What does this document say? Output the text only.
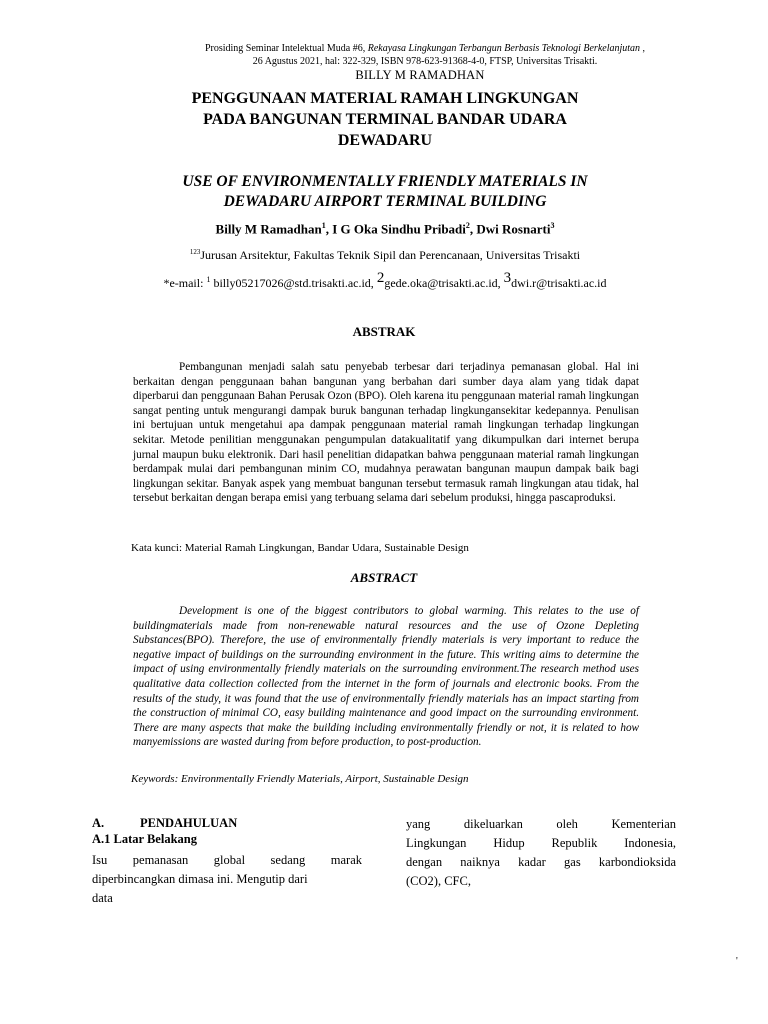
Prosiding Seminar Intelektual Muda #6, Rekayasa Lingkungan Terbangun Berbasis Teknologi Berkelanjutan ,
26 Agustus 2021, hal: 322-329, ISBN 978-623-91368-4-0, FTSP, Universitas Trisakti.
BILLY M RAMADHAN
PENGGUNAAN MATERIAL RAMAH LINGKUNGAN
PADA BANGUNAN TERMINAL BANDAR UDARA
DEWADARU
USE OF ENVIRONMENTALLY FRIENDLY MATERIALS IN
DEWADARU AIRPORT TERMINAL BUILDING
Billy M Ramadhan$^1$, I G Oka Sindhu Pribadi$^2$, Dwi Rosnarti$^3$
$^{123}$Jurusan Arsitektur, Fakultas Teknik Sipil dan Perencanaan, Universitas Trisakti
*e-mail: $^1$ billy05217026@std.trisakti.ac.id, $^2$gede.oka@trisakti.ac.id, $^3$dwi.r@trisakti.ac.id
ABSTRAK

Pembangunan menjadi salah satu penyebab terbesar dari terjadinya pemanasan global. Hal ini berkaitan dengan penggunaan bahan bangunan yang berbahan dari sumber daya alam yang tidak dapat diperbarui dan penggunaan Bahan Perusak Ozon (BPO). Oleh karena itu penggunaan material ramah lingkungan sangat penting untuk mengurangi dampak buruk bangunan terhadap lingkungansekitar kedepannya. Penulisan ini bertujuan untuk mengetahui apa dampak penggunaan material ramah lingkungan terhadap lingkungan sekitar. Metode penilitian menggunakan pengumpulan datakualitatif yang dikumpulkan dari internet berupa jurnal maupun buku elektronik. Dari hasil penelitian didapatkan bahwa penggunaan material ramah lingkungan berdampak mulai dari pembangunan minim CO, mudahnya perawatan bangunan maupun dampak baik bagi lingkungan sekitar. Banyak aspek yang membuat bangunan tersebut termasuk ramah lingkungan atau tidak, hal tersebut berkaitan dengan berapa emisi yang terbuang selama dari sebelum produksi, hingga pascaproduksi.

Kata kunci: Material Ramah Lingkungan, Bandar Udara, Sustainable Design
ABSTRACT

Development is one of the biggest contributors to global warming. This relates to the use of buildingmaterials made from non-renewable natural resources and the use of Ozone Depleting Substances(BPO). Therefore, the use of environmentally friendly materials is very important to reduce the negative impact of buildings on the surrounding environment in the future. This writing aims to determine the impact of using environmentally friendly materials on the surrounding environment.The research method uses qualitative data collection collected from the internet in the form of journals and electronic books. From the results of the study, it was found that the use of environmentally friendly materials has an impact starting from the construction of minimal CO, easy building maintenance and good impact on the surrounding environment. There are many aspects that make the building including environmentally friendly or not, it is related to how manyemissions are wasted during from before production, to post-production.

Keywords: Environmentally Friendly Materials, Airport, Sustainable Design
A.	PENDAHULUAN
A.1 Latar Belakang
Isu pemanasan global sedang marak
diperbincangkan dimasa ini. Mengutip dari
data
yang dikeluarkan oleh Kementerian
Lingkungan Hidup Republik Indonesia,
dengan naiknya kadar gas karbondioksida
(CO2), CFC,
'
